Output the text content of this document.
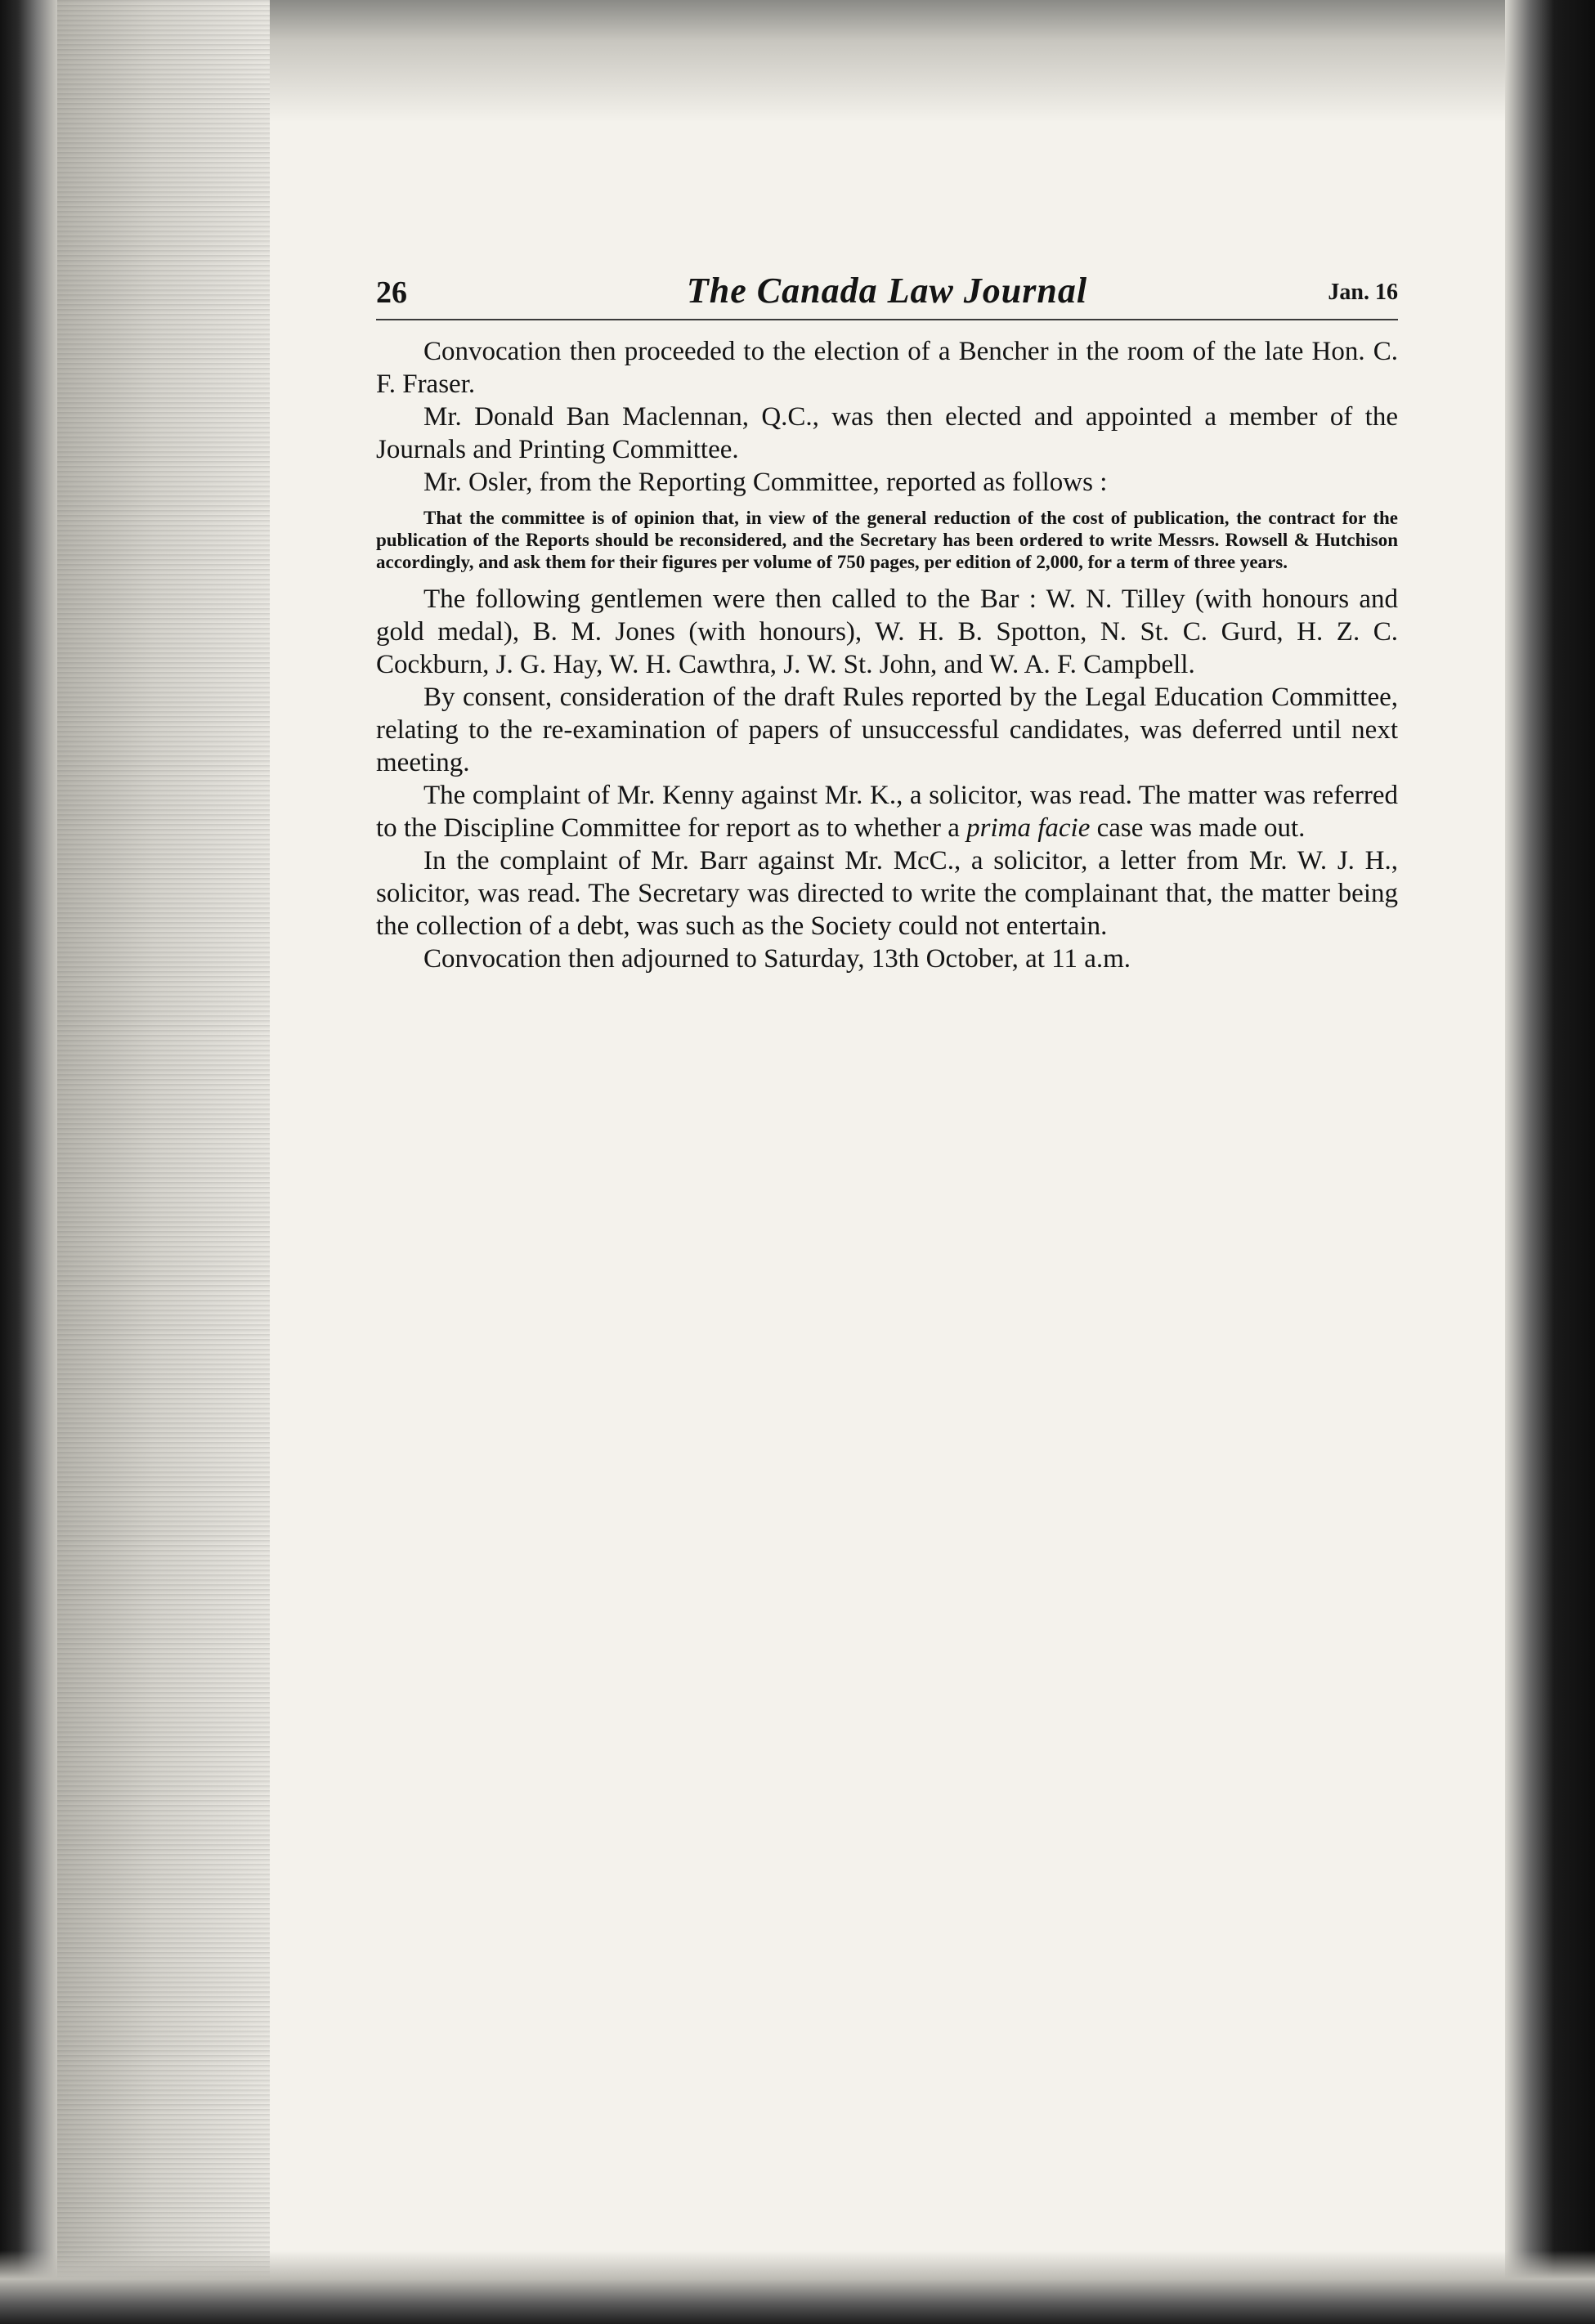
26	The Canada Law Journal	Jan. 16

Convocation then proceeded to the election of a Bencher in the room of the late Hon. C. F. Fraser.

Mr. Donald Ban Maclennan, Q.C., was then elected and appointed a member of the Journals and Printing Committee.

Mr. Osler, from the Reporting Committee, reported as follows :

That the committee is of opinion that, in view of the general reduction of the cost of publication, the contract for the publication of the Reports should be reconsidered, and the Secretary has been ordered to write Messrs. Rowsell & Hutchison accordingly, and ask them for their figures per volume of 750 pages, per edition of 2,000, for a term of three years.

The following gentlemen were then called to the Bar : W. N. Tilley (with honours and gold medal), B. M. Jones (with honours), W. H. B. Spotton, N. St. C. Gurd, H. Z. C. Cockburn, J. G. Hay, W. H. Cawthra, J. W. St. John, and W. A. F. Campbell.

By consent, consideration of the draft Rules reported by the Legal Education Committee, relating to the re-examination of papers of unsuccessful candidates, was deferred until next meeting.

The complaint of Mr. Kenny against Mr. K., a solicitor, was read. The matter was referred to the Discipline Committee for report as to whether a prima facie case was made out.

In the complaint of Mr. Barr against Mr. McC., a solicitor, a letter from Mr. W. J. H., solicitor, was read. The Secretary was directed to write the complainant that, the matter being the collection of a debt, was such as the Society could not entertain.

Convocation then adjourned to Saturday, 13th October, at 11 a.m.
